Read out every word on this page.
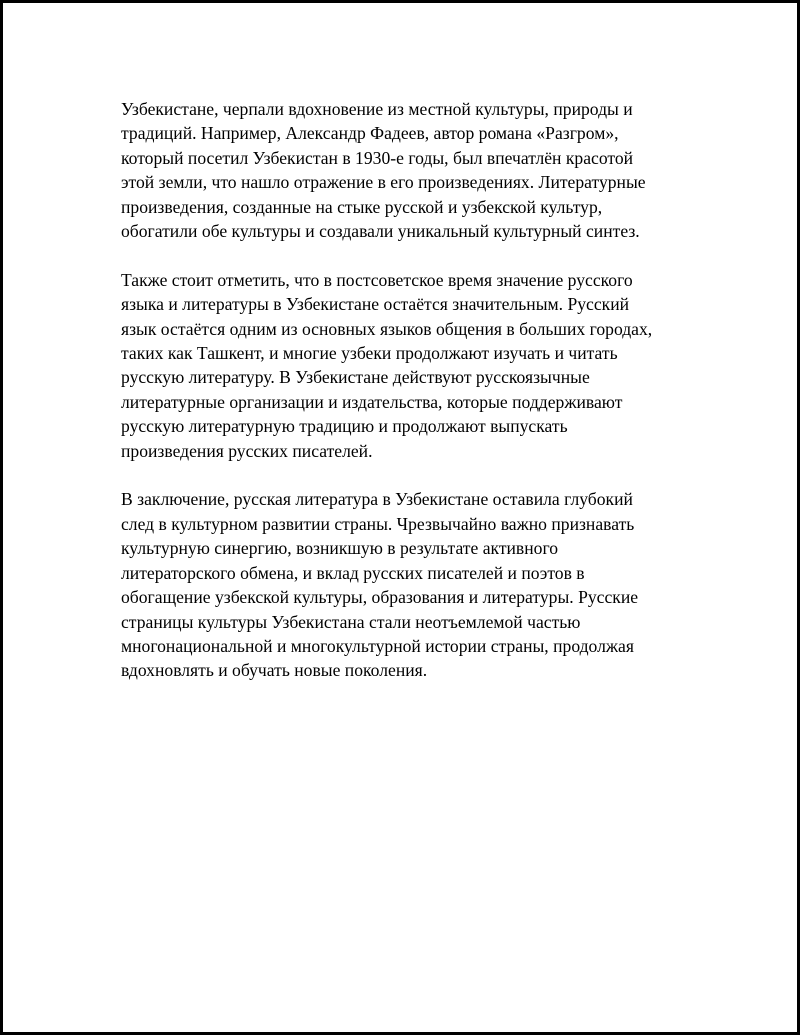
Узбекистане, черпали вдохновение из местной культуры, природы и
традиций. Например, Александр Фадеев, автор романа «Разгром»,
который посетил Узбекистан в 1930-е годы, был впечатлён красотой
этой земли, что нашло отражение в его произведениях. Литературные
произведения, созданные на стыке русской и узбекской культур,
обогатили обе культуры и создавали уникальный культурный синтез.

Также стоит отметить, что в постсоветское время значение русского
языка и литературы в Узбекистане остаётся значительным. Русский
язык остаётся одним из основных языков общения в больших городах,
таких как Ташкент, и многие узбеки продолжают изучать и читать
русскую литературу. В Узбекистане действуют русскоязычные
литературные организации и издательства, которые поддерживают
русскую литературную традицию и продолжают выпускать
произведения русских писателей.

В заключение, русская литература в Узбекистане оставила глубокий
след в культурном развитии страны. Чрезвычайно важно признавать
культурную синергию, возникшую в результате активного
литераторского обмена, и вклад русских писателей и поэтов в
обогащение узбекской культуры, образования и литературы. Русские
страницы культуры Узбекистана стали неотъемлемой частью
многонациональной и многокультурной истории страны, продолжая
вдохновлять и обучать новые поколения.
